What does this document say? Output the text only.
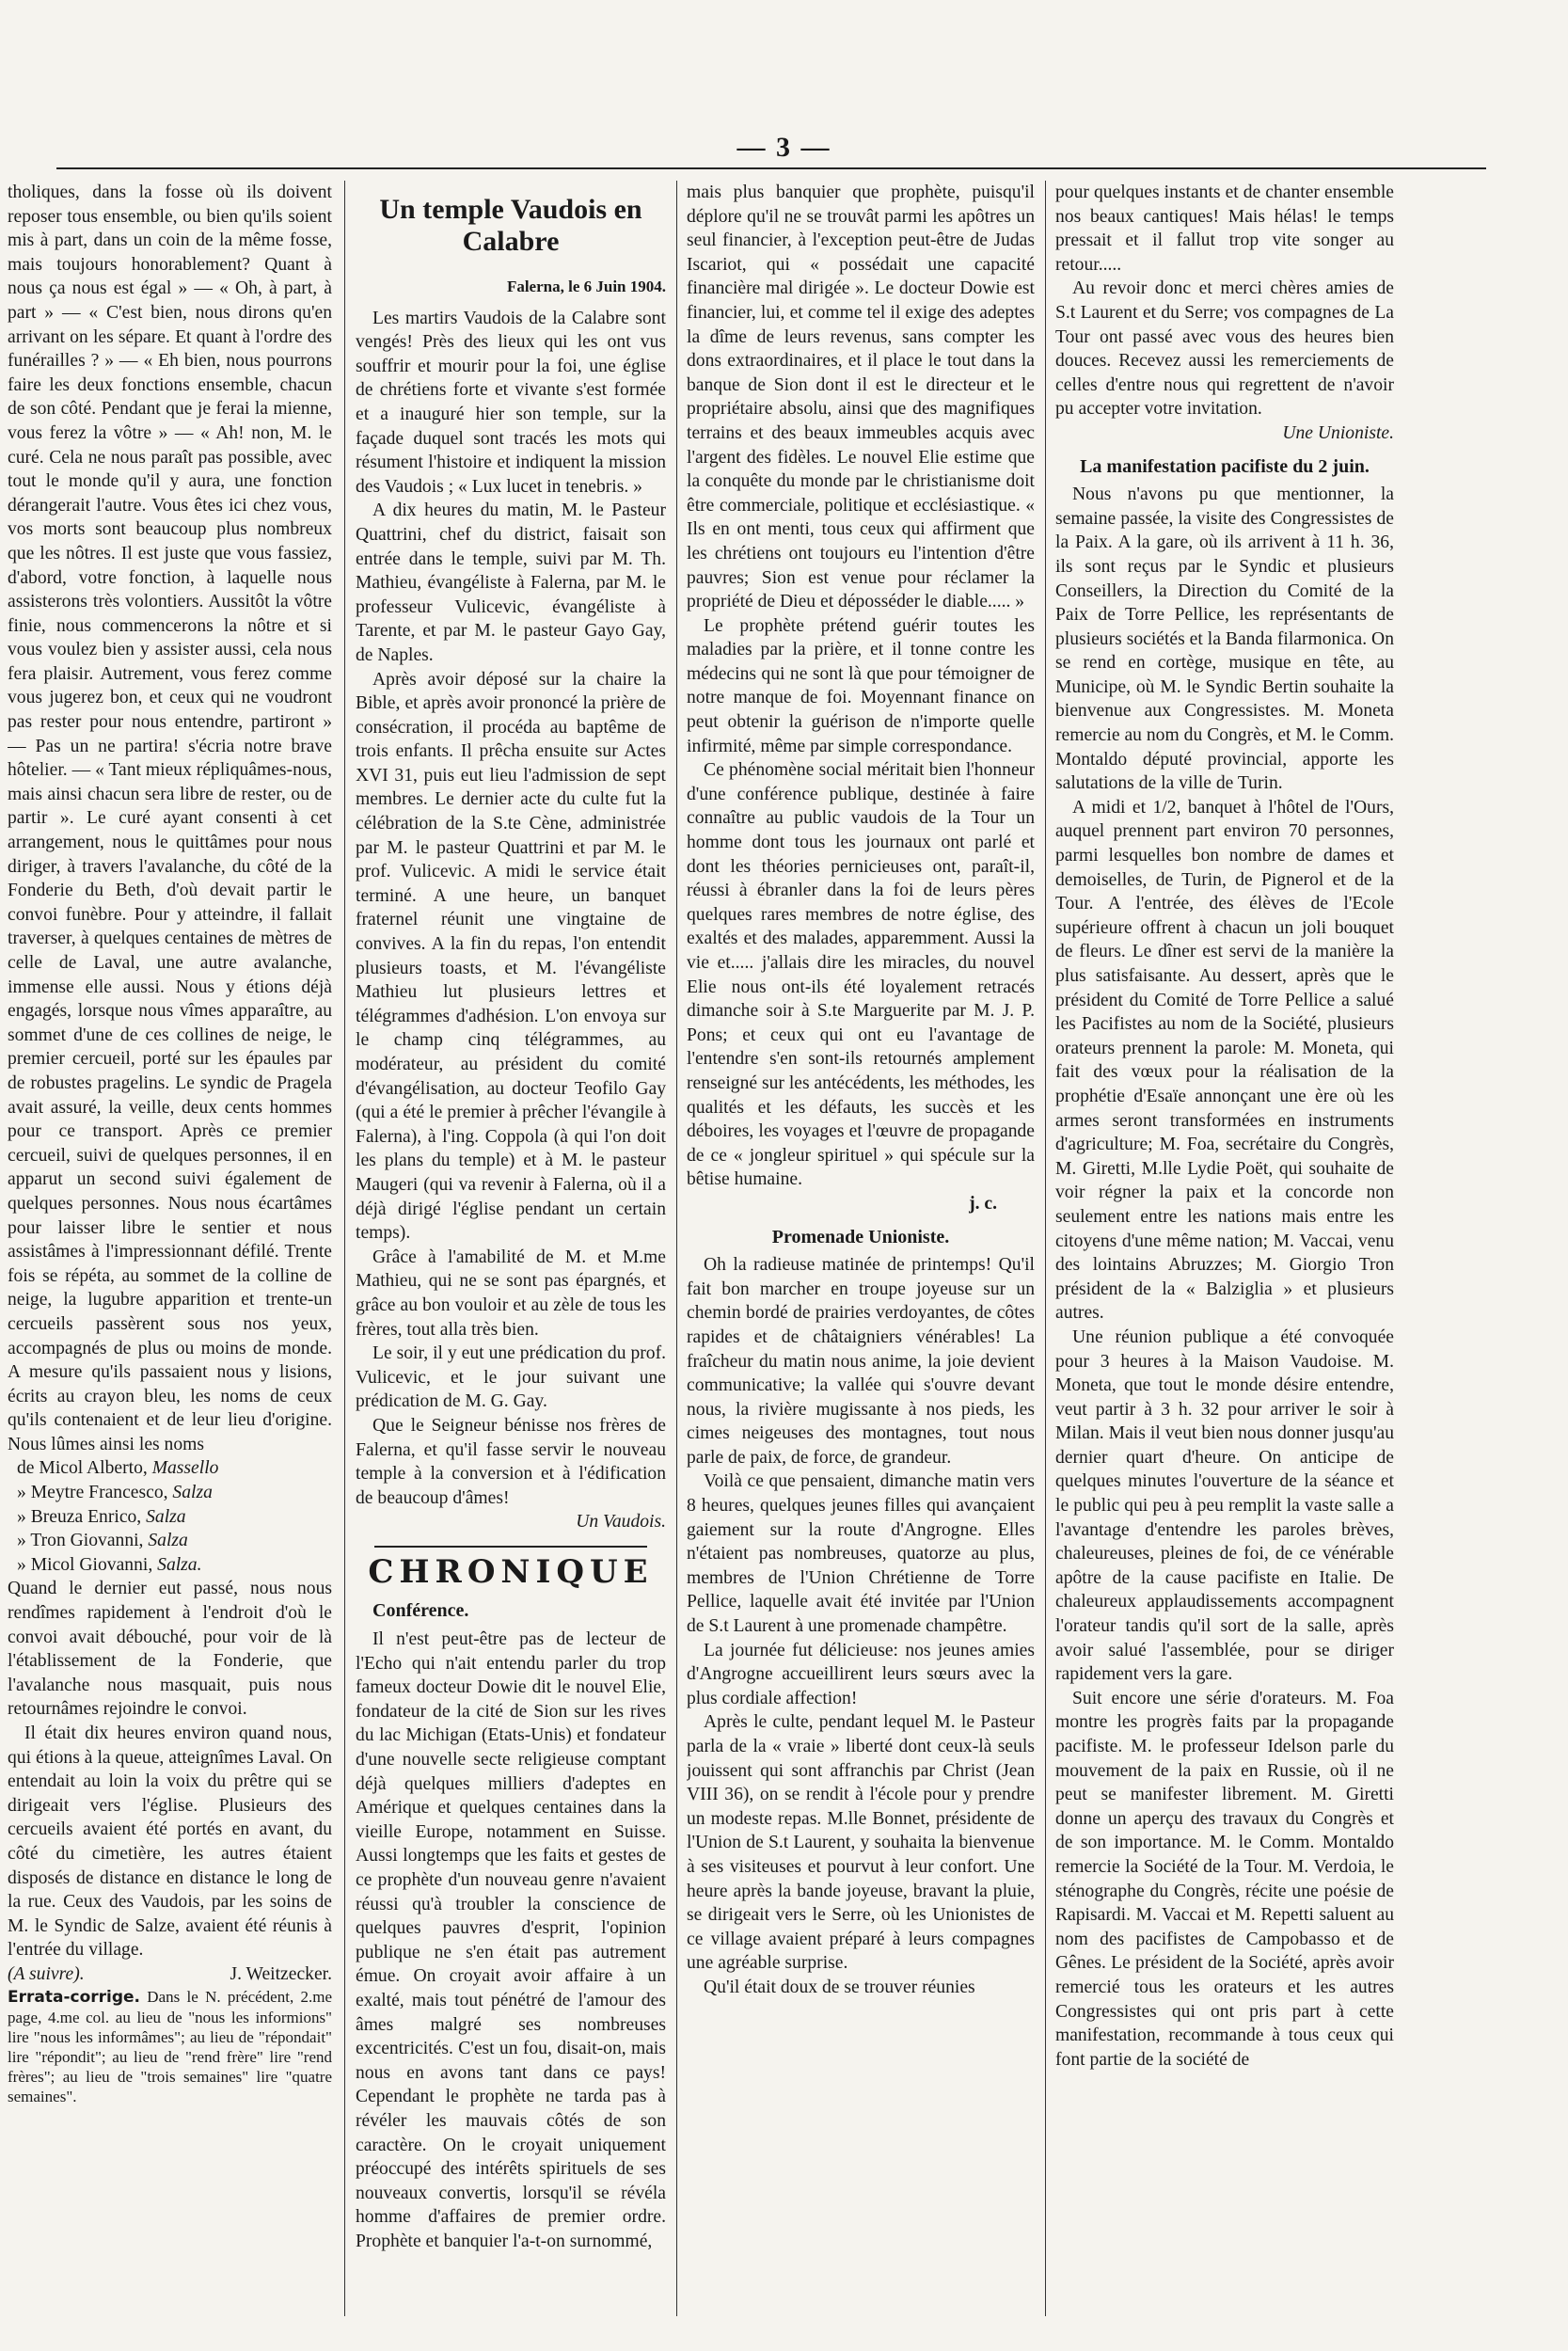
— 3 —

tholiques, dans la fosse où ils doivent reposer tous ensemble, ou bien qu'ils soient mis à part, dans un coin de la même fosse, mais toujours honorablement? Quant à nous ça nous est égal » — « Oh, à part, à part » — « C'est bien, nous dirons qu'en arrivant on les sépare. Et quant à l'ordre des funérailles ? » — « Eh bien, nous pourrons faire les deux fonctions ensemble, chacun de son côté. Pendant que je ferai la mienne, vous ferez la vôtre » — « Ah! non, M. le curé. Cela ne nous paraît pas possible, avec tout le monde qu'il y aura, une fonction dérangerait l'autre. Vous êtes ici chez vous, vos morts sont beaucoup plus nombreux que les nôtres. Il est juste que vous fassiez, d'abord, votre fonction, à laquelle nous assisterons très volontiers. Aussitôt la vôtre finie, nous commencerons la nôtre et si vous voulez bien y assister aussi, cela nous fera plaisir. Autrement, vous ferez comme vous jugerez bon, et ceux qui ne voudront pas rester pour nous entendre, partiront » — Pas un ne partira! s'écria notre brave hôtelier. — « Tant mieux répliquâmes-nous, mais ainsi chacun sera libre de rester, ou de partir ». Le curé ayant consenti à cet arrangement, nous le quittâmes pour nous diriger, à travers l'avalanche, du côté de la Fonderie du Beth, d'où devait partir le convoi funèbre. Pour y atteindre, il fallait traverser, à quelques centaines de mètres de celle de Laval, une autre avalanche, immense elle aussi. Nous y étions déjà engagés, lorsque nous vîmes apparaître, au sommet d'une de ces collines de neige, le premier cercueil, porté sur les épaules par de robustes pragelins. Le syndic de Pragela avait assuré, la veille, deux cents hommes pour ce transport. Après ce premier cercueil, suivi de quelques personnes, il en apparut un second suivi également de quelques personnes. Nous nous écartâmes pour laisser libre le sentier et nous assistâmes à l'impressionnant défilé. Trente fois se répéta, au sommet de la colline de neige, la lugubre apparition et trente-un cercueils passèrent sous nos yeux, accompagnés de plus ou moins de monde. A mesure qu'ils passaient nous y lisions, écrits au crayon bleu, les noms de ceux qu'ils contenaient et de leur lieu d'origine. Nous lûmes ainsi les noms

de Micol Alberto, Massello
» Meytre Francesco, Salza
» Breuza Enrico, Salza
» Tron Giovanni, Salza
» Micol Giovanni, Salza.

Quand le dernier eut passé, nous nous rendîmes rapidement à l'endroit d'où le convoi avait débouché, pour voir de là l'établissement de la Fonderie, que l'avalanche nous masquait, puis nous retournâmes rejoindre le convoi.

Il était dix heures environ quand nous, qui étions à la queue, atteignîmes Laval. On entendait au loin la voix du prêtre qui se dirigeait vers l'église. Plusieurs des cercueils avaient été portés en avant, du côté du cimetière, les autres étaient disposés de distance en distance le long de la rue. Ceux des Vaudois, par les soins de M. le Syndic de Salze, avaient été réunis à l'entrée du village.

(A suivre).	J. Weitzecker.

Errata-corrige. Dans le N. précédent, 2.me page, 4.me col. au lieu de "nous les informions" lire "nous les informâmes"; au lieu de "répondait" lire "répondit"; au lieu de "rend frère" lire "rend frères"; au lieu de "trois semaines" lire "quatre semaines".

Un temple Vaudois en Calabre
Falerna, le 6 Juin 1904.

Les martirs Vaudois de la Calabre sont vengés! Près des lieux qui les ont vus souffrir et mourir pour la foi, une église de chrétiens forte et vivante s'est formée et a inauguré hier son temple, sur la façade duquel sont tracés les mots qui résument l'histoire et indiquent la mission des Vaudois ; « Lux lucet in tenebris. »

A dix heures du matin, M. le Pasteur Quattrini, chef du district, faisait son entrée dans le temple, suivi par M. Th. Mathieu, évangéliste à Falerna, par M. le professeur Vulicevic, évangéliste à Tarente, et par M. le pasteur Gayo Gay, de Naples.

Après avoir déposé sur la chaire la Bible, et après avoir prononcé la prière de consécration, il procéda au baptême de trois enfants. Il prêcha ensuite sur Actes XVI 31, puis eut lieu l'admission de sept membres. Le dernier acte du culte fut la célébration de la S.te Cène, administrée par M. le pasteur Quattrini et par M. le prof. Vulicevic. A midi le service était terminé. A une heure, un banquet fraternel réunit une vingtaine de convives. A la fin du repas, l'on entendit plusieurs toasts, et M. l'évangéliste Mathieu lut plusieurs lettres et télégrammes d'adhésion. L'on envoya sur le champ cinq télégrammes, au modérateur, au président du comité d'évangélisation, au docteur Teofilo Gay (qui a été le premier à prêcher l'évangile à Falerna), à l'ing. Coppola (à qui l'on doit les plans du temple) et à M. le pasteur Maugeri (qui va revenir à Falerna, où il a déjà dirigé l'église pendant un certain temps).

Grâce à l'amabilité de M. et M.me Mathieu, qui ne se sont pas épargnés, et grâce au bon vouloir et au zèle de tous les frères, tout alla très bien.

Le soir, il y eut une prédication du prof. Vulicevic, et le jour suivant une prédication de M. G. Gay.

Que le Seigneur bénisse nos frères de Falerna, et qu'il fasse servir le nouveau temple à la conversion et à l'édification de beaucoup d'âmes!

Un Vaudois.

CHRONIQUE
Conférence.

Il n'est peut-être pas de lecteur de l'Echo qui n'ait entendu parler du trop fameux docteur Dowie dit le nouvel Elie, fondateur de la cité de Sion sur les rives du lac Michigan (Etats-Unis) et fondateur d'une nouvelle secte religieuse comptant déjà quelques milliers d'adeptes en Amérique et quelques centaines dans la vieille Europe, notamment en Suisse. Aussi longtemps que les faits et gestes de ce prophète d'un nouveau genre n'avaient réussi qu'à troubler la conscience de quelques pauvres d'esprit, l'opinion publique ne s'en était pas autrement émue. On croyait avoir affaire à un exalté, mais tout pénétré de l'amour des âmes malgré ses nombreuses excentricités. C'est un fou, disait-on, mais nous en avons tant dans ce pays! Cependant le prophète ne tarda pas à révéler les mauvais côtés de son caractère. On le croyait uniquement préoccupé des intérêts spirituels de ses nouveaux convertis, lorsqu'il se révéla homme d'affaires de premier ordre. Prophète et banquier l'a-t-on surnommé,

mais plus banquier que prophète, puisqu'il déplore qu'il ne se trouvât parmi les apôtres un seul financier, à l'exception peut-être de Judas Iscariot, qui « possédait une capacité financière mal dirigée ». Le docteur Dowie est financier, lui, et comme tel il exige des adeptes la dîme de leurs revenus, sans compter les dons extraordinaires, et il place le tout dans la banque de Sion dont il est le directeur et le propriétaire absolu, ainsi que des magnifiques terrains et des beaux immeubles acquis avec l'argent des fidèles. Le nouvel Elie estime que la conquête du monde par le christianisme doit être commerciale, politique et ecclésiastique. « Ils en ont menti, tous ceux qui affirment que les chrétiens ont toujours eu l'intention d'être pauvres; Sion est venue pour réclamer la propriété de Dieu et déposséder le diable..... »

Le prophète prétend guérir toutes les maladies par la prière, et il tonne contre les médecins qui ne sont là que pour témoigner de notre manque de foi. Moyennant finance on peut obtenir la guérison de n'importe quelle infirmité, même par simple correspondance.

Ce phénomène social méritait bien l'honneur d'une conférence publique, destinée à faire connaître au public vaudois de la Tour un homme dont tous les journaux ont parlé et dont les théories pernicieuses ont, paraît-il, réussi à ébranler dans la foi de leurs pères quelques rares membres de notre église, des exaltés et des malades, apparemment. Aussi la vie et..... j'allais dire les miracles, du nouvel Elie nous ont-ils été loyalement retracés dimanche soir à S.te Marguerite par M. J. P. Pons; et ceux qui ont eu l'avantage de l'entendre s'en sont-ils retournés amplement renseigné sur les antécédents, les méthodes, les qualités et les défauts, les succès et les déboires, les voyages et l'œuvre de propagande de ce « jongleur spirituel » qui spécule sur la bêtise humaine.

j. c.

Promenade Unioniste.

Oh la radieuse matinée de printemps! Qu'il fait bon marcher en troupe joyeuse sur un chemin bordé de prairies verdoyantes, de côtes rapides et de châtaigniers vénérables! La fraîcheur du matin nous anime, la joie devient communicative; la vallée qui s'ouvre devant nous, la rivière mugissante à nos pieds, les cimes neigeuses des montagnes, tout nous parle de paix, de force, de grandeur.

Voilà ce que pensaient, dimanche matin vers 8 heures, quelques jeunes filles qui avançaient gaiement sur la route d'Angrogne. Elles n'étaient pas nombreuses, quatorze au plus, membres de l'Union Chrétienne de Torre Pellice, laquelle avait été invitée par l'Union de S.t Laurent à une promenade champêtre.

La journée fut délicieuse: nos jeunes amies d'Angrogne accueillirent leurs sœurs avec la plus cordiale affection!

Après le culte, pendant lequel M. le Pasteur parla de la « vraie » liberté dont ceux-là seuls jouissent qui sont affranchis par Christ (Jean VIII 36), on se rendit à l'école pour y prendre un modeste repas. M.lle Bonnet, présidente de l'Union de S.t Laurent, y souhaita la bienvenue à ses visiteuses et pourvut à leur confort. Une heure après la bande joyeuse, bravant la pluie, se dirigeait vers le Serre, où les Unionistes de ce village avaient préparé à leurs compagnes une agréable surprise.

Qu'il était doux de se trouver réunies

pour quelques instants et de chanter ensemble nos beaux cantiques! Mais hélas! le temps pressait et il fallut trop vite songer au retour.....

Au revoir donc et merci chères amies de S.t Laurent et du Serre; vos compagnes de La Tour ont passé avec vous des heures bien douces. Recevez aussi les remerciements de celles d'entre nous qui regrettent de n'avoir pu accepter votre invitation.

Une Unioniste.

La manifestation pacifiste du 2 juin.

Nous n'avons pu que mentionner, la semaine passée, la visite des Congressistes de la Paix. A la gare, où ils arrivent à 11 h. 36, ils sont reçus par le Syndic et plusieurs Conseillers, la Direction du Comité de la Paix de Torre Pellice, les représentants de plusieurs sociétés et la Banda filarmonica. On se rend en cortège, musique en tête, au Municipe, où M. le Syndic Bertin souhaite la bienvenue aux Congressistes. M. Moneta remercie au nom du Congrès, et M. le Comm. Montaldo député provincial, apporte les salutations de la ville de Turin.

A midi et 1/2, banquet à l'hôtel de l'Ours, auquel prennent part environ 70 personnes, parmi lesquelles bon nombre de dames et demoiselles, de Turin, de Pignerol et de la Tour. A l'entrée, des élèves de l'Ecole supérieure offrent à chacun un joli bouquet de fleurs. Le dîner est servi de la manière la plus satisfaisante. Au dessert, après que le président du Comité de Torre Pellice a salué les Pacifistes au nom de la Société, plusieurs orateurs prennent la parole: M. Moneta, qui fait des vœux pour la réalisation de la prophétie d'Esaïe annonçant une ère où les armes seront transformées en instruments d'agriculture; M. Foa, secrétaire du Congrès, M. Giretti, M.lle Lydie Poët, qui souhaite de voir régner la paix et la concorde non seulement entre les nations mais entre les citoyens d'une même nation; M. Vaccai, venu des lointains Abruzzes; M. Giorgio Tron président de la « Balziglia » et plusieurs autres.

Une réunion publique a été convoquée pour 3 heures à la Maison Vaudoise. M. Moneta, que tout le monde désire entendre, veut partir à 3 h. 32 pour arriver le soir à Milan. Mais il veut bien nous donner jusqu'au dernier quart d'heure. On anticipe de quelques minutes l'ouverture de la séance et le public qui peu à peu remplit la vaste salle a l'avantage d'entendre les paroles brèves, chaleureuses, pleines de foi, de ce vénérable apôtre de la cause pacifiste en Italie. De chaleureux applaudissements accompagnent l'orateur tandis qu'il sort de la salle, après avoir salué l'assemblée, pour se diriger rapidement vers la gare.

Suit encore une série d'orateurs. M. Foa montre les progrès faits par la propagande pacifiste. M. le professeur Idelson parle du mouvement de la paix en Russie, où il ne peut se manifester librement. M. Giretti donne un aperçu des travaux du Congrès et de son importance. M. le Comm. Montaldo remercie la Société de la Tour. M. Verdoia, le sténographe du Congrès, récite une poésie de Rapisardi. M. Vaccai et M. Repetti saluent au nom des pacifistes de Campobasso et de Gênes. Le président de la Société, après avoir remercié tous les orateurs et les autres Congressistes qui ont pris part à cette manifestation, recommande à tous ceux qui font partie de la société de
